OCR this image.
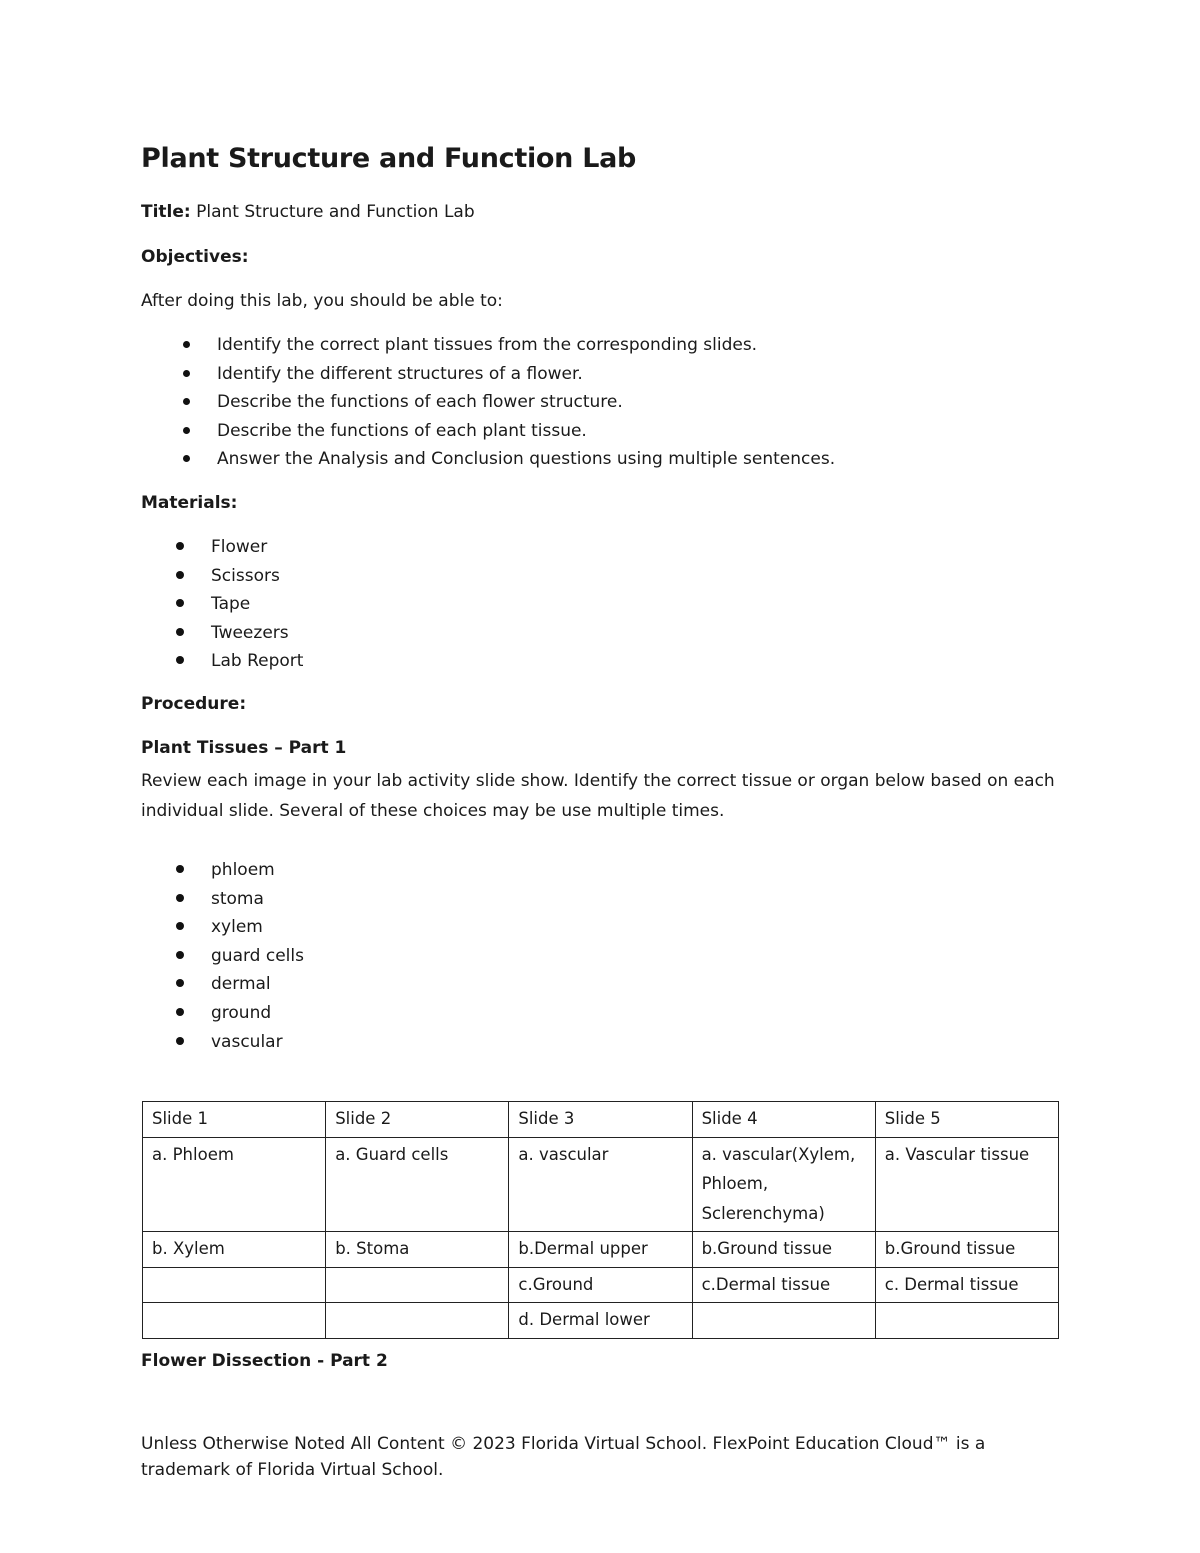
Plant Structure and Function Lab
Title: Plant Structure and Function Lab
Objectives:
After doing this lab, you should be able to:
Identify the correct plant tissues from the corresponding slides.
Identify the different structures of a flower.
Describe the functions of each flower structure.
Describe the functions of each plant tissue.
Answer the Analysis and Conclusion questions using multiple sentences.
Materials:
Flower
Scissors
Tape
Tweezers
Lab Report
Procedure:
Plant Tissues – Part 1

Review each image in your lab activity slide show. Identify the correct tissue or organ below based on each individual slide. Several of these choices may be use multiple times.

phloem
stoma
xylem
guard cells
dermal
ground
vascular
Slide 1	Slide 2	Slide 3	Slide 4	Slide 5
a. Phloem	a. Guard cells	a. vascular	a. vascular(Xylem, Phloem, Sclerenchyma)	a. Vascular tissue
b. Xylem	b. Stoma	b.Dermal upper	b.Ground tissue	b.Ground tissue
		c.Ground	c.Dermal tissue	c. Dermal tissue
		d. Dermal lower		
Flower Dissection - Part 2

Unless Otherwise Noted All Content © 2023 Florida Virtual School. FlexPoint Education Cloud™ is a trademark of Florida Virtual School.
